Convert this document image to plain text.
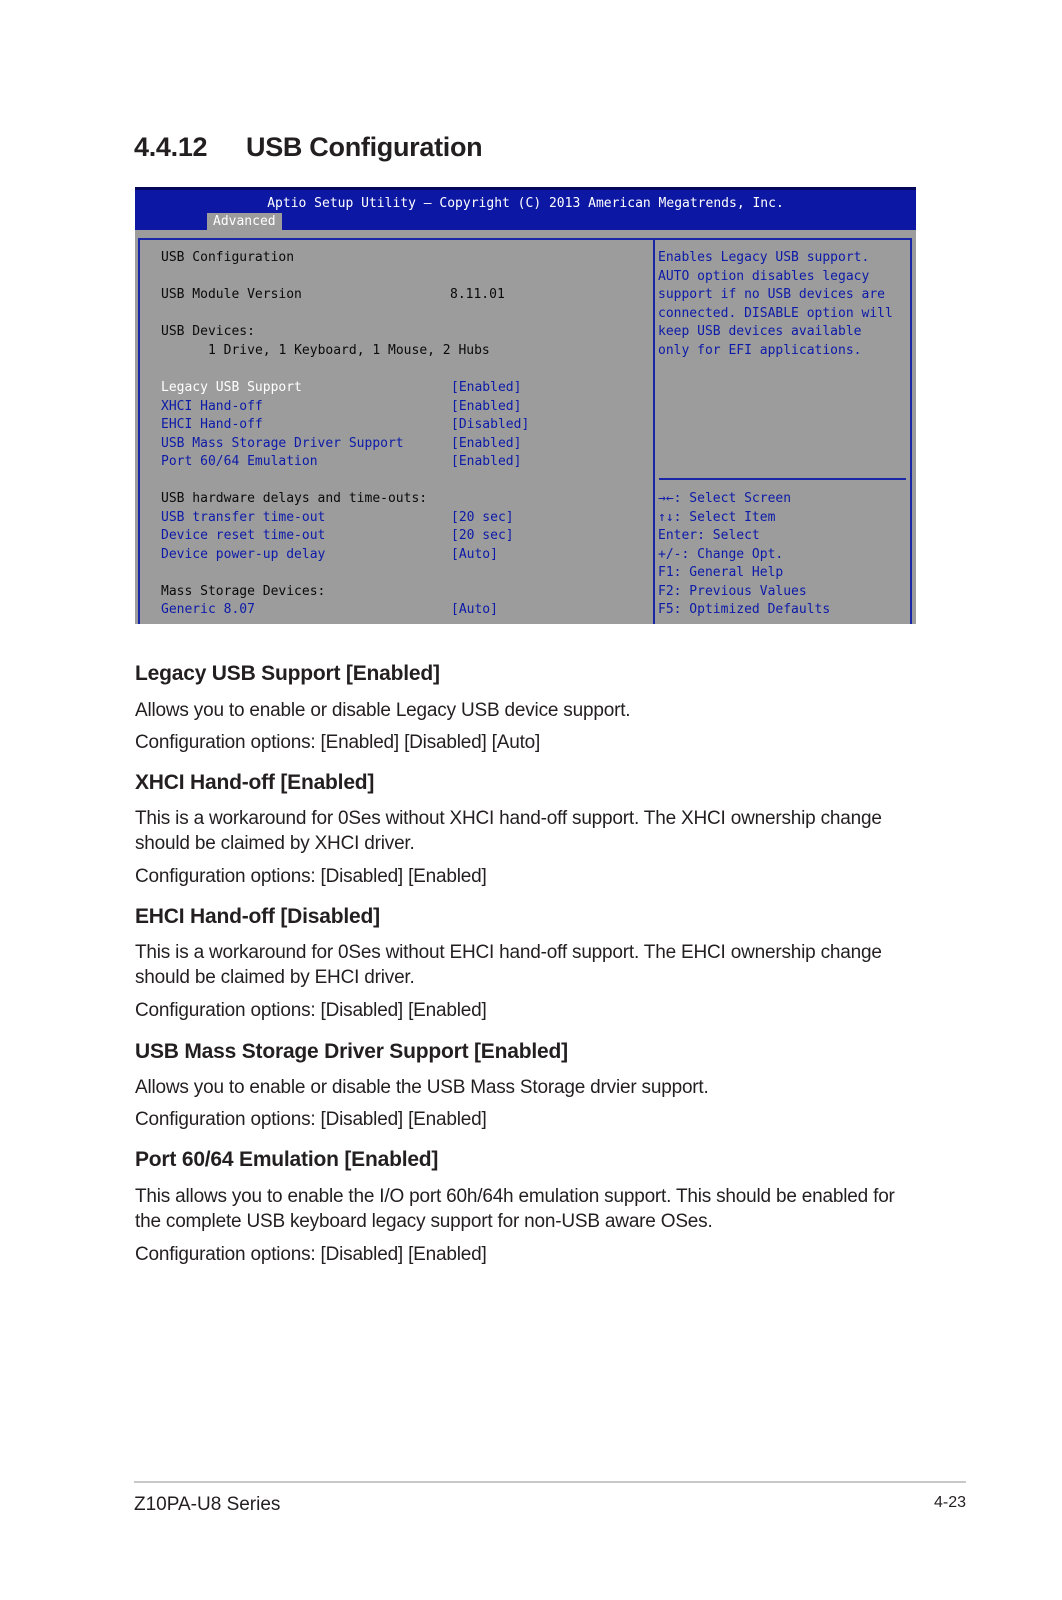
4.4.12 USB Configuration
Aptio Setup Utility – Copyright (C) 2013 American Megatrends, Inc.
Advanced
USB Configuration
USB Module Version	8.11.01
USB Devices:
1 Drive, 1 Keyboard, 1 Mouse, 2 Hubs
Legacy USB Support	[Enabled]
XHCI Hand-off	[Enabled]
EHCI Hand-off	[Disabled]
USB Mass Storage Driver Support	[Enabled]
Port 60/64 Emulation	[Enabled]
USB hardware delays and time-outs:
USB transfer time-out	[20 sec]
Device reset time-out	[20 sec]
Device power-up delay	[Auto]
Mass Storage Devices:
Generic 8.07	[Auto]
Enables Legacy USB support.
AUTO option disables legacy
support if no USB devices are
connected. DISABLE option will
keep USB devices available
only for EFI applications.
→←: Select Screen
↑↓: Select Item
Enter: Select
+/-: Change Opt.
F1: General Help
F2: Previous Values
F5: Optimized Defaults
Legacy USB Support [Enabled]

Allows you to enable or disable Legacy USB device support.

Configuration options: [Enabled] [Disabled] [Auto]

XHCI Hand-off [Enabled]

This is a workaround for 0Ses without XHCI hand-off support. The XHCI ownership change should be claimed by XHCI driver.

Configuration options: [Disabled] [Enabled]

EHCI Hand-off [Disabled]

This is a workaround for 0Ses without EHCI hand-off support. The EHCI ownership change should be claimed by EHCI driver.

Configuration options: [Disabled] [Enabled]

USB Mass Storage Driver Support [Enabled]

Allows you to enable or disable the USB Mass Storage drvier support.

Configuration options: [Disabled] [Enabled]

Port 60/64 Emulation [Enabled]

This allows you to enable the I/O port 60h/64h emulation support. This should be enabled for the complete USB keyboard legacy support for non-USB aware OSes.

Configuration options: [Disabled] [Enabled]

Z10PA-U8 Series	4-23
